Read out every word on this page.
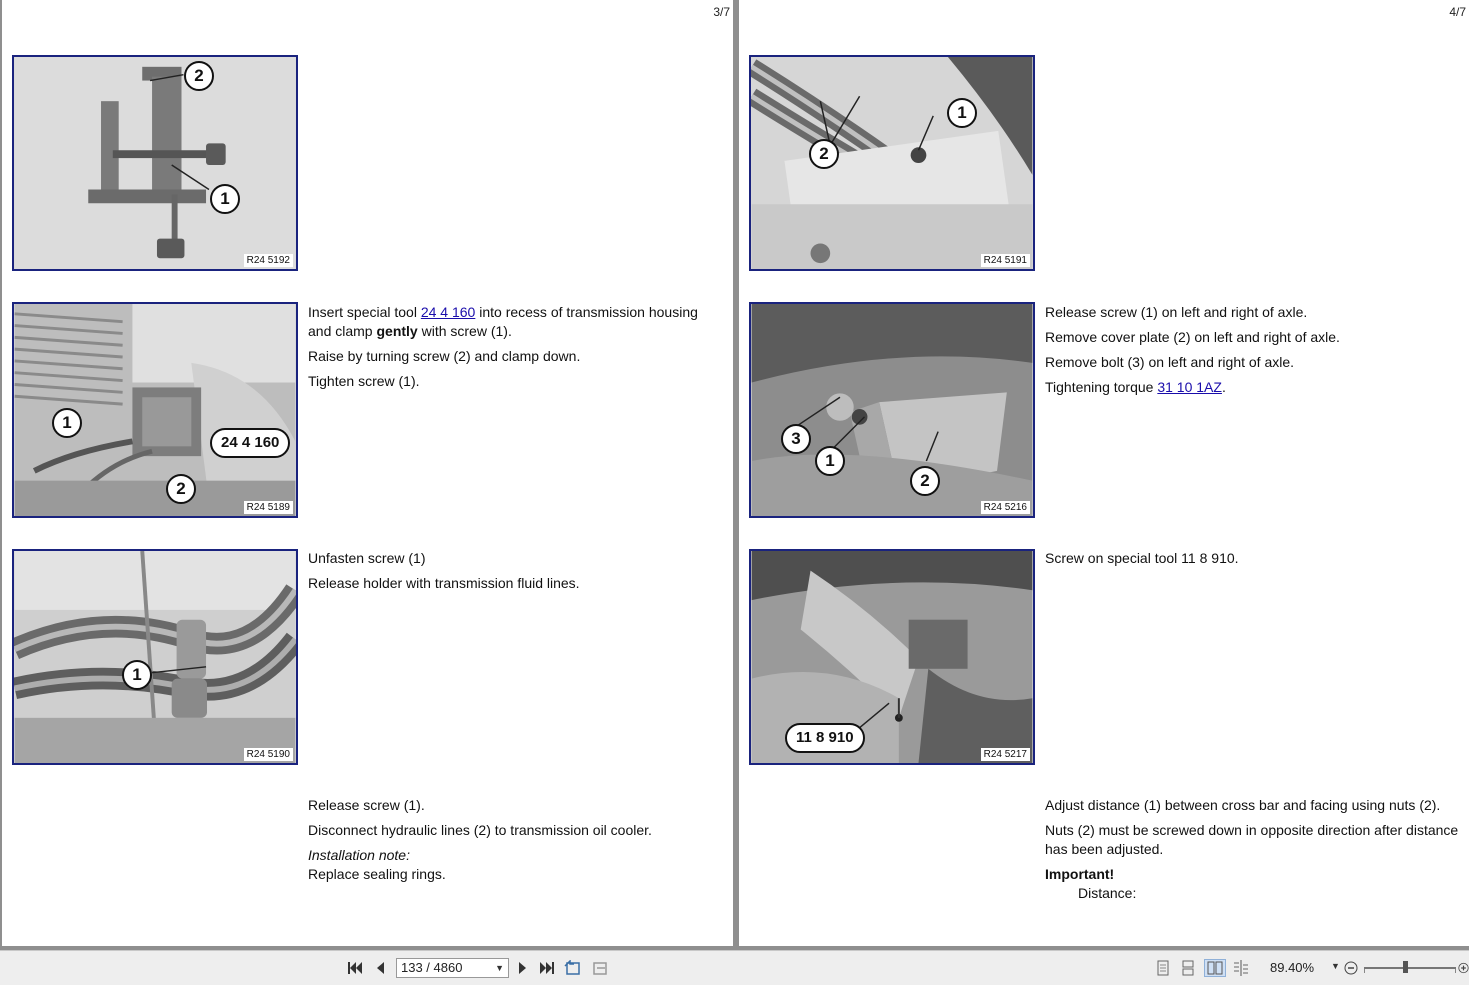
3/7
2
1
R24 5192
1
24 4 160
2
R24 5189

Insert special tool 24 4 160 into recess of transmission housing and clamp gently with screw (1).

Raise by turning screw (2) and clamp down.

Tighten screw (1).

1
R24 5190

Unfasten screw (1)

Release holder with transmission fluid lines.

Release screw (1).

Disconnect hydraulic lines (2) to transmission oil cooler.

Installation note:

Replace sealing rings.

4/7
2
1
R24 5191
3
1
2
R24 5216

Release screw (1) on left and right of axle.

Remove cover plate (2) on left and right of axle.

Remove bolt (3) on left and right of axle.

Tightening torque 31 10 1AZ.

11 8 910
R24 5217

Screw on special tool 11 8 910.

Adjust distance (1) between cross bar and facing using nuts (2).

Nuts (2) must be screwed down in opposite direction after distance has been adjusted.

Important!

Distance:

133 / 4860	▼	89.40% ▼
